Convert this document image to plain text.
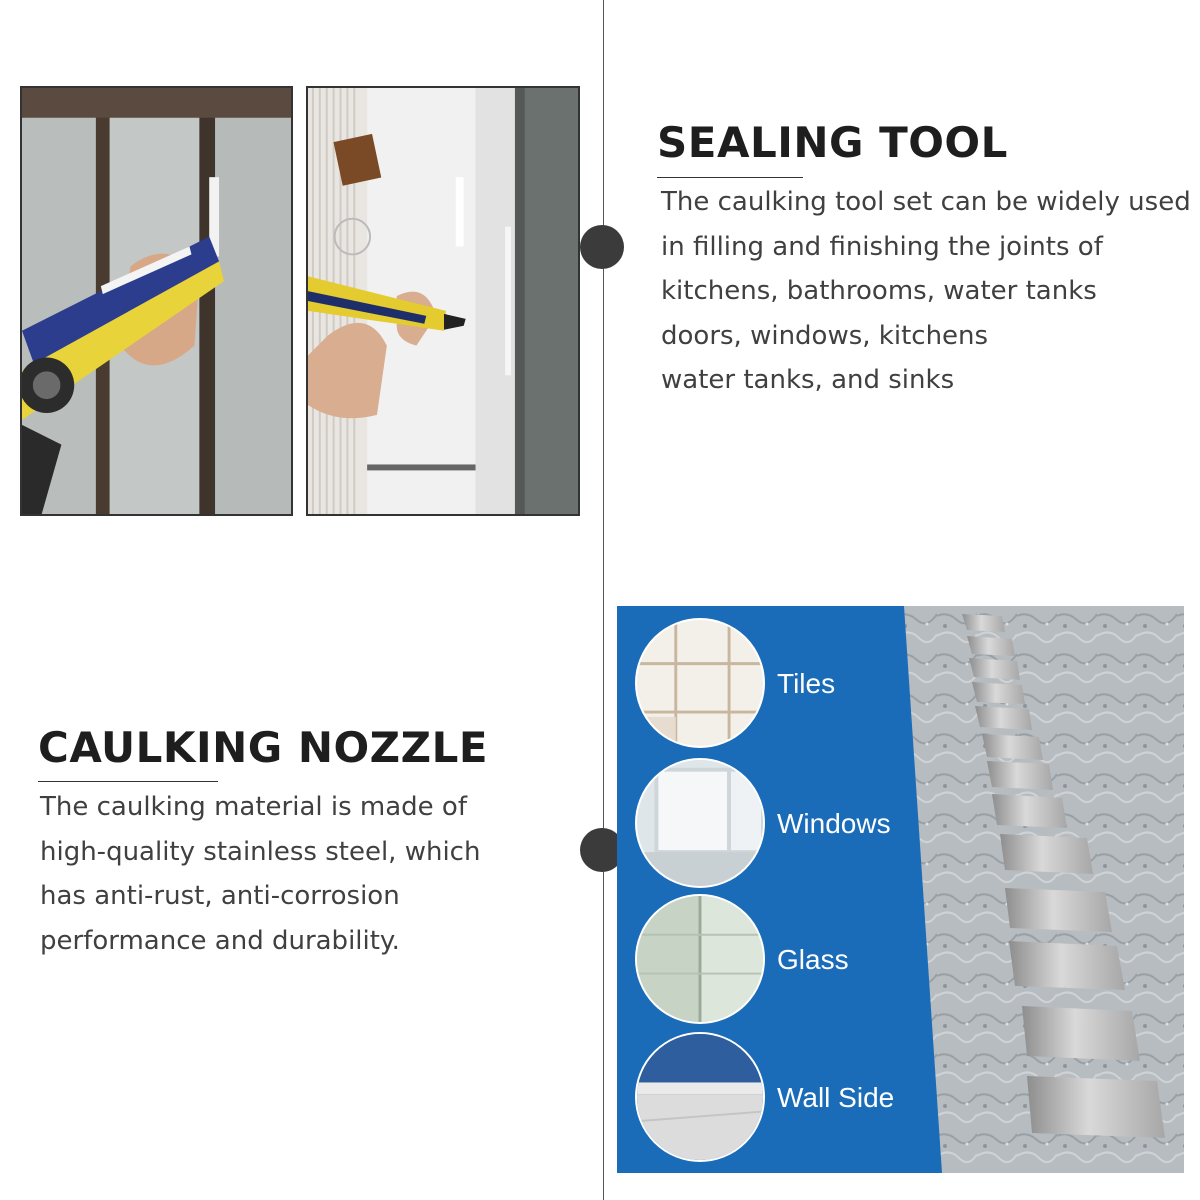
SEALING TOOL
The caulking tool set can be widely used
in filling and finishing the joints of
kitchens, bathrooms, water tanks
doors, windows, kitchens
water tanks, and sinks
CAULKING NOZZLE
The caulking material is made of
high-quality stainless steel, which
has anti-rust, anti-corrosion
performance and durability.
Tiles
Windows
Glass
Wall Side
